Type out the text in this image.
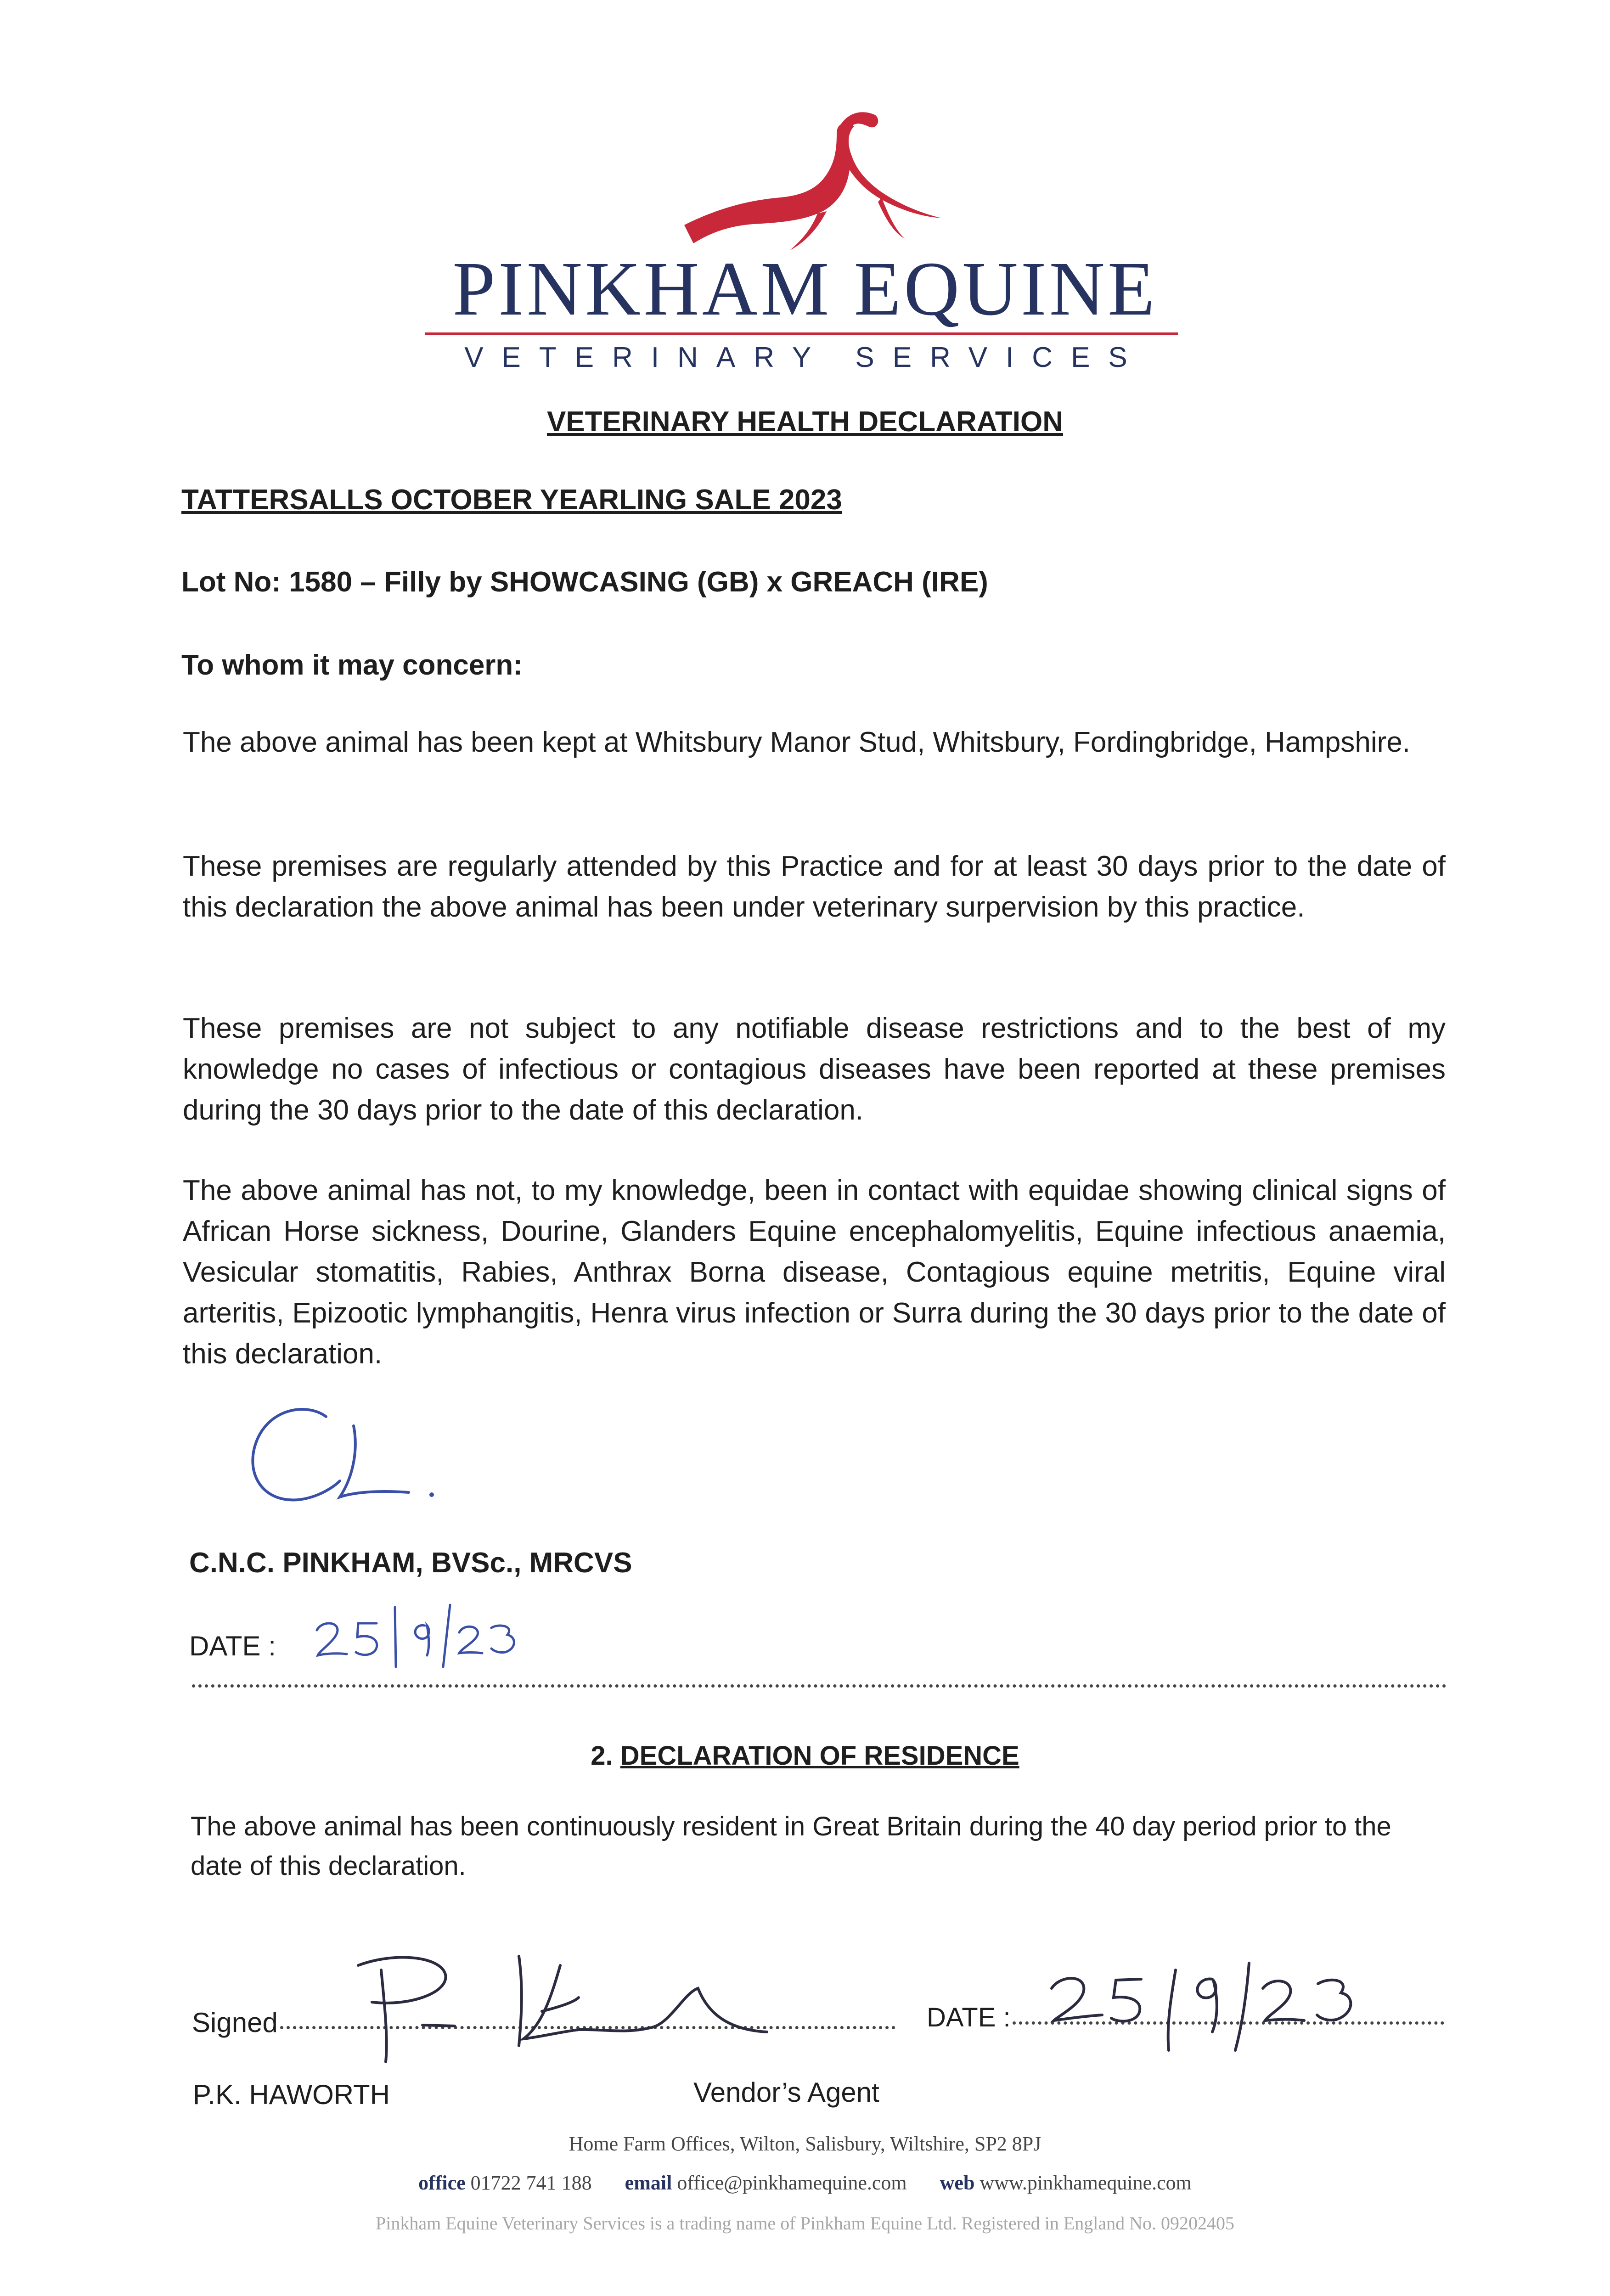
PINKHAM EQUINE
VETERINARY SERVICES
VETERINARY HEALTH DECLARATION
TATTERSALLS OCTOBER YEARLING SALE 2023
Lot No: 1580 – Filly by SHOWCASING (GB) x GREACH (IRE)
To whom it may concern:
The above animal has been kept at Whitsbury Manor Stud, Whitsbury, Fordingbridge, Hampshire.
These premises are regularly attended by this Practice and for at least 30 days prior to the date of this declaration the above animal has been under veterinary surpervision by this practice.
These premises are not subject to any notifiable disease restrictions and to the best of my knowledge no cases of infectious or contagious diseases have been reported at these premises during the 30 days prior to the date of this declaration.
The above animal has not, to my knowledge, been in contact with equidae showing clinical signs of African Horse sickness, Dourine, Glanders Equine encephalomyelitis, Equine infectious anaemia, Vesicular stomatitis, Rabies, Anthrax Borna disease, Contagious equine metritis, Equine viral arteritis, Epizootic lymphangitis, Henra virus infection or Surra during the 30 days prior to the date of this declaration.
C.N.C. PINKHAM, BVSc., MRCVS
DATE :
2. DECLARATION OF RESIDENCE
The above animal has been continuously resident in Great Britain during the 40 day period prior to the date of this declaration.
Signed	DATE :
P.K. HAWORTH	Vendor’s Agent
Home Farm Offices, Wilton, Salisbury, Wiltshire, SP2 8PJ
office 01722 741 188 email office@pinkhamequine.com web www.pinkhamequine.com
Pinkham Equine Veterinary Services is a trading name of Pinkham Equine Ltd. Registered in England No. 09202405
